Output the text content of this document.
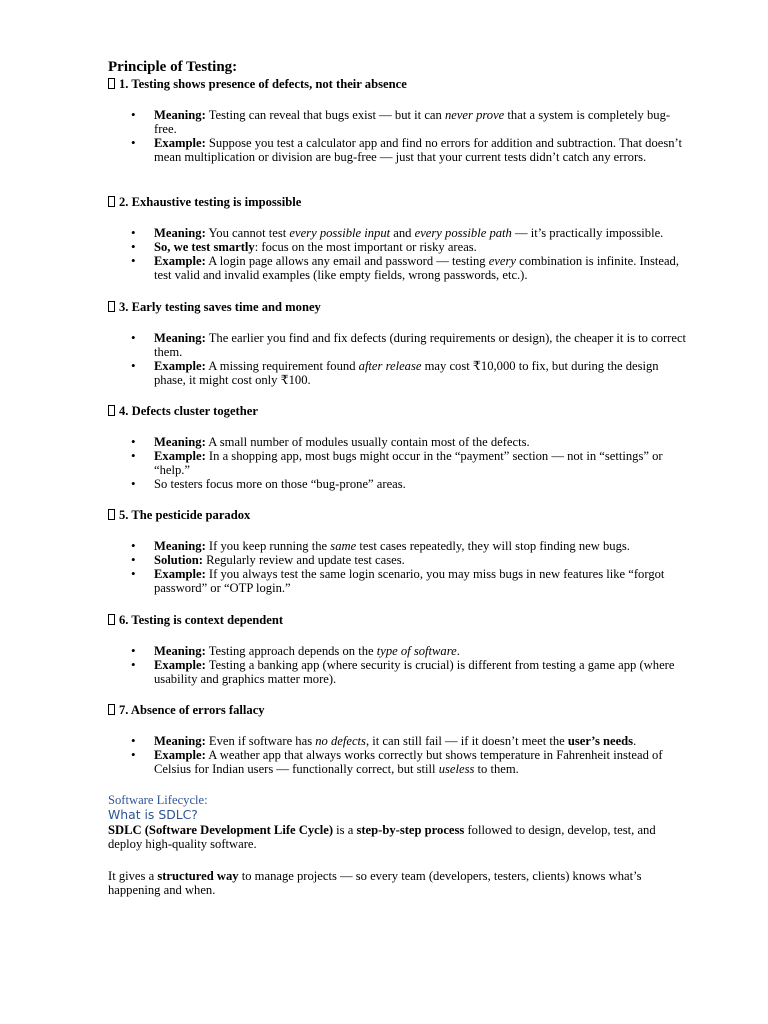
Principle of Testing:
1. Testing shows presence of defects, not their absence
• Meaning: Testing can reveal that bugs exist — but it can never prove that a system is completely bug-free.
• Example: Suppose you test a calculator app and find no errors for addition and subtraction. That doesn’t mean multiplication or division are bug-free — just that your current tests didn’t catch any errors.
2. Exhaustive testing is impossible
• Meaning: You cannot test every possible input and every possible path — it’s practically impossible.
• So, we test smartly: focus on the most important or risky areas.
• Example: A login page allows any email and password — testing every combination is infinite. Instead, test valid and invalid examples (like empty fields, wrong passwords, etc.).
3. Early testing saves time and money
• Meaning: The earlier you find and fix defects (during requirements or design), the cheaper it is to correct them.
• Example: A missing requirement found after release may cost ₹10,000 to fix, but during the design phase, it might cost only ₹100.
4. Defects cluster together
• Meaning: A small number of modules usually contain most of the defects.
• Example: In a shopping app, most bugs might occur in the “payment” section — not in “settings” or “help.”
• So testers focus more on those “bug-prone” areas.
5. The pesticide paradox
• Meaning: If you keep running the same test cases repeatedly, they will stop finding new bugs.
• Solution: Regularly review and update test cases.
• Example: If you always test the same login scenario, you may miss bugs in new features like “forgot password” or “OTP login.”
6. Testing is context dependent
• Meaning: Testing approach depends on the type of software.
• Example: Testing a banking app (where security is crucial) is different from testing a game app (where usability and graphics matter more).
7. Absence of errors fallacy
• Meaning: Even if software has no defects, it can still fail — if it doesn’t meet the user’s needs.
• Example: A weather app that always works correctly but shows temperature in Fahrenheit instead of Celsius for Indian users — functionally correct, but still useless to them.
Software Lifecycle:
What is SDLC?

SDLC (Software Development Life Cycle) is a step-by-step process followed to design, develop, test, and deploy high-quality software.

It gives a structured way to manage projects — so every team (developers, testers, clients) knows what’s happening and when.
